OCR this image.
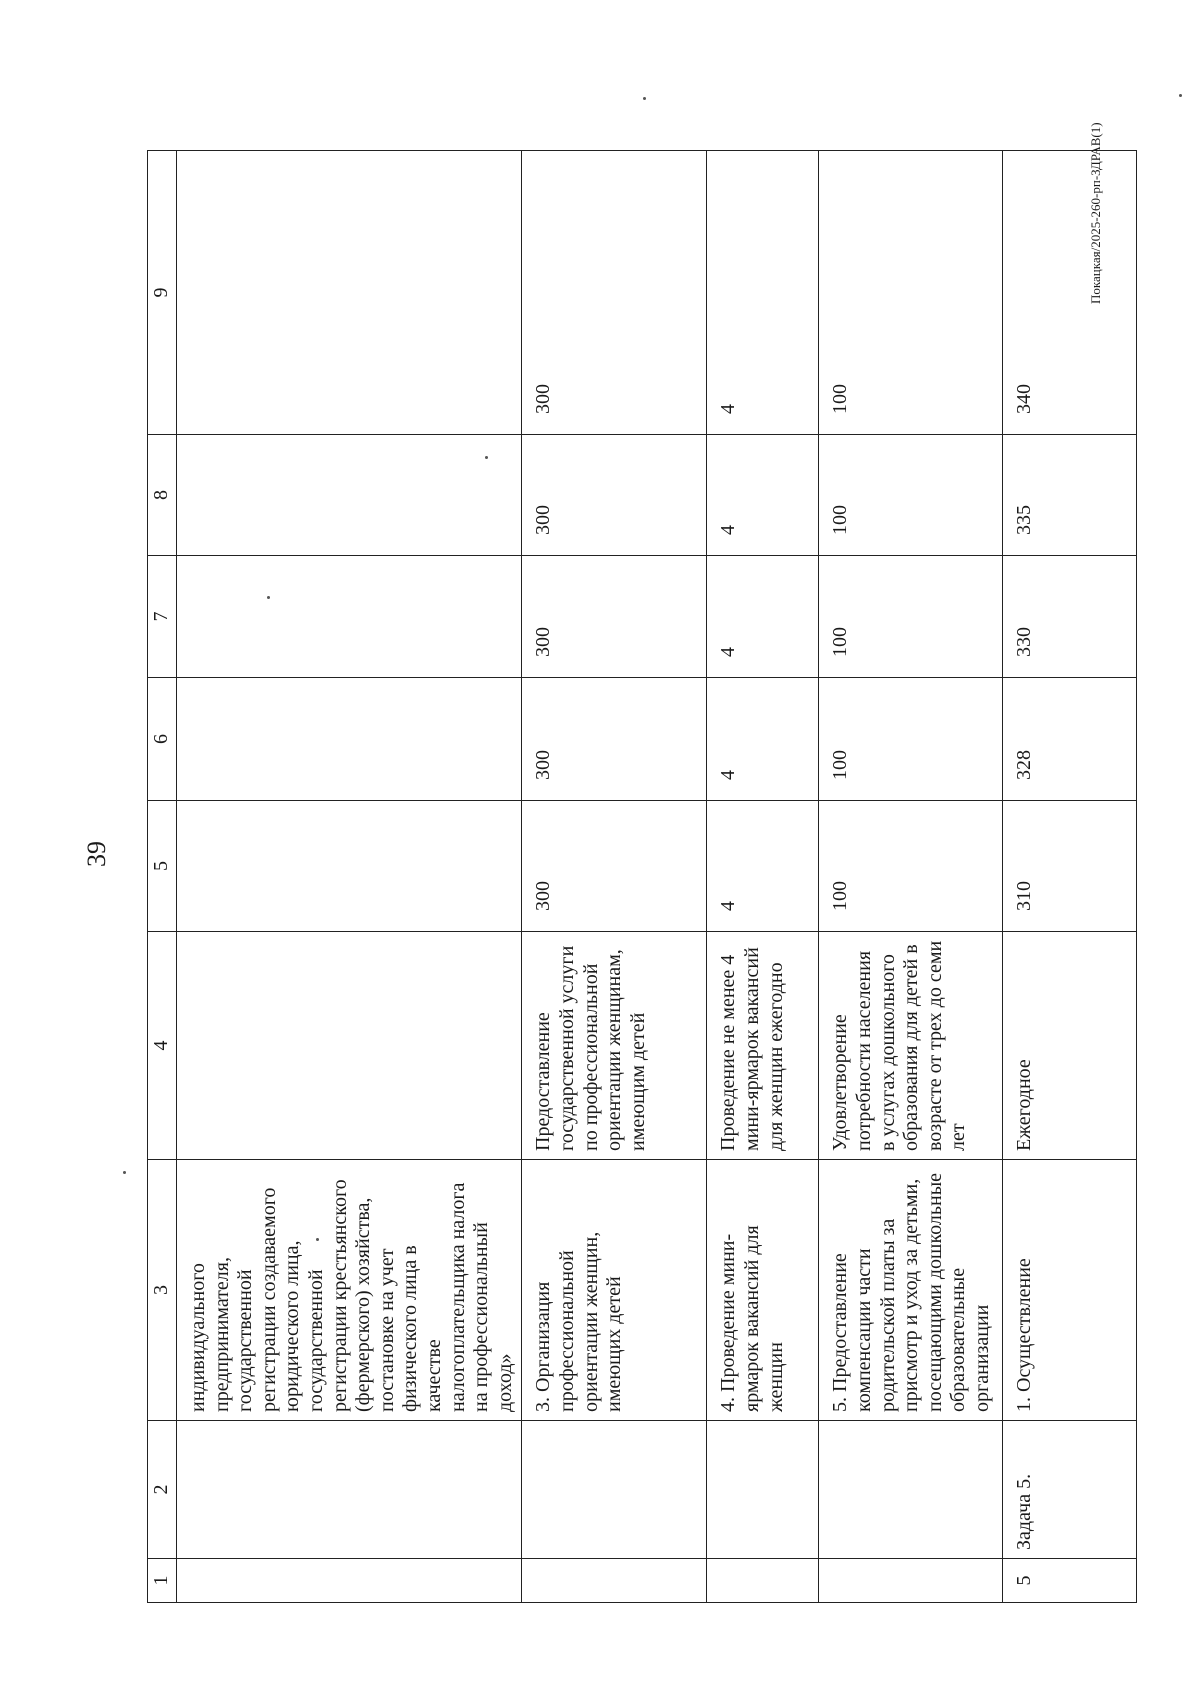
39
1	2	3	4	5	6	7	8	9
		индивидуального предпринимателя, государственной регистрации создаваемого юридического лица, государственной регистрации крестьянского (фермерского) хозяйства, постановке на учет физического лица в качестве налогоплательщика налога на профессиональный доход»						
		3. Организация профессиональной ориентации женщин, имеющих детей	Предоставление государственной услуги по профессиональной ориентации женщинам, имеющим детей	300	300	300	300	300
		4. Проведение мини-ярмарок вакансий для женщин	Проведение не менее 4 мини-ярмарок вакансий для женщин ежегодно	4	4	4	4	4
		5. Предоставление компенсации части родительской платы за присмотр и уход за детьми, посещающими дошкольные образовательные организации	Удовлетворение потребности населения в услугах дошкольного образования для детей в возрасте от трех до семи лет	100	100	100	100	100
5	Задача 5.	1. Осуществление	Ежегодное	310	328	330	335	340
Покацкая/2025-260-рп-ЗДРАВ(1)
